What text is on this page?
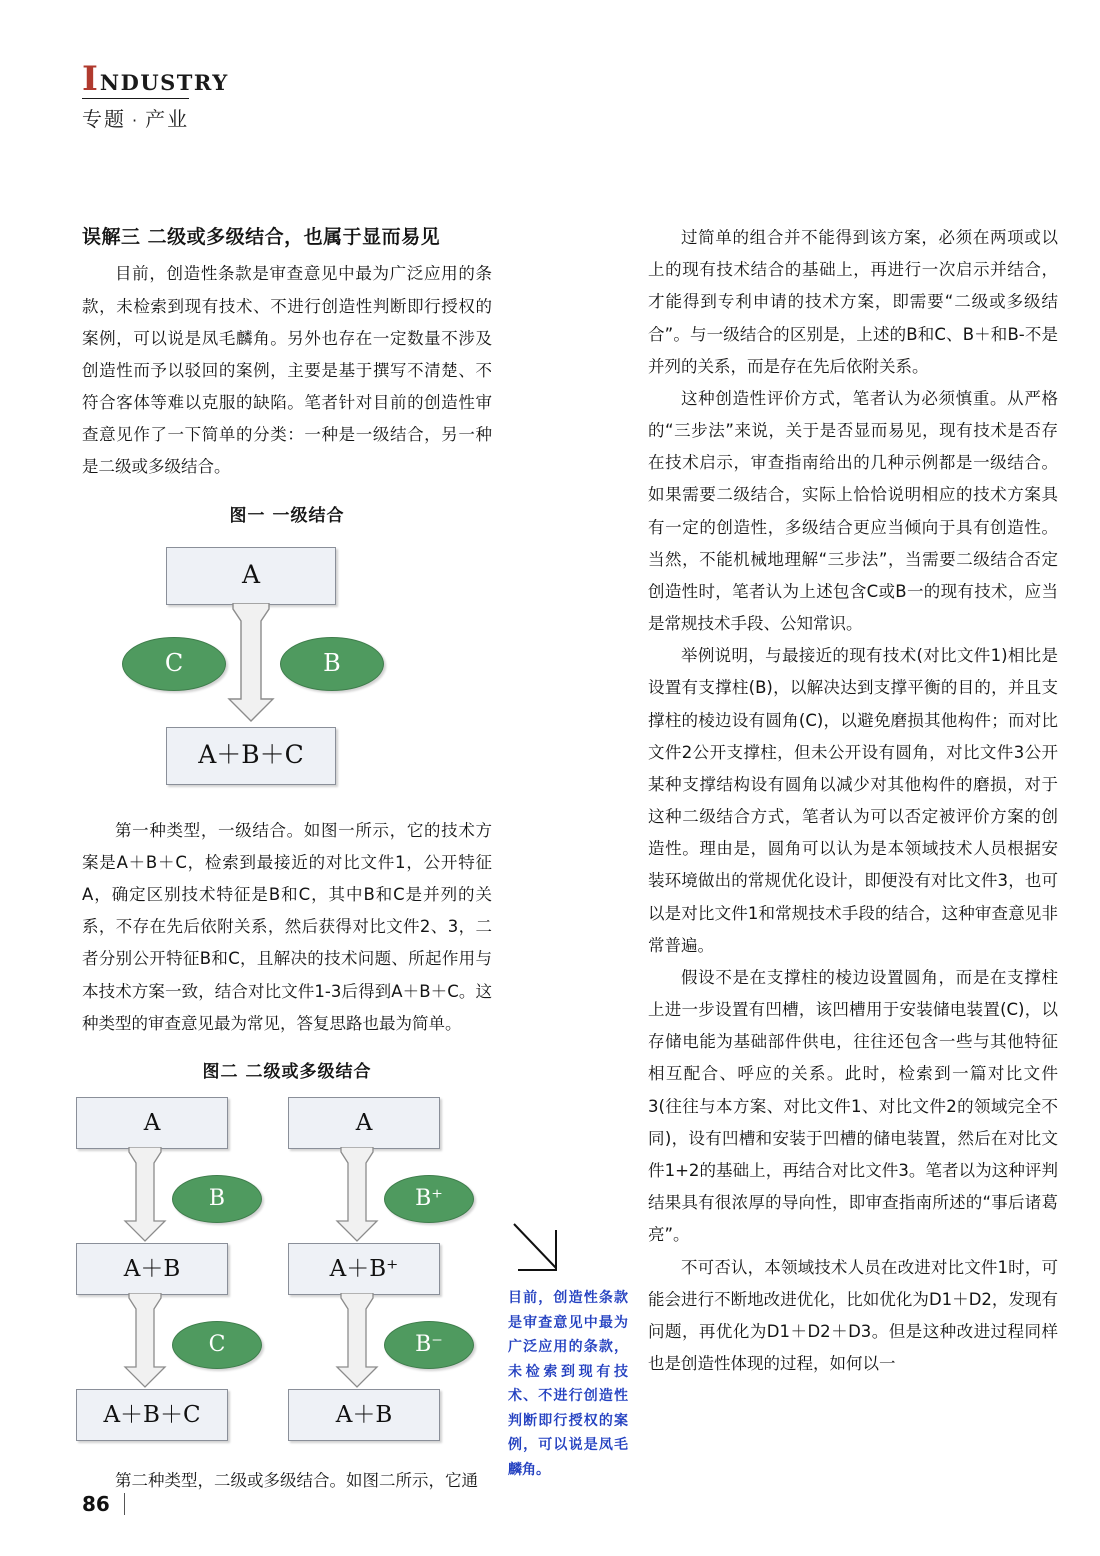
I NDUSTRY
专题 · 产业
误解三 二级或多级结合，也属于显而易见

目前，创造性条款是审查意见中最为广泛应用的条款，未检索到现有技术、不进行创造性判断即行授权的案例，可以说是凤毛麟角。另外也存在一定数量不涉及创造性而予以驳回的案例，主要是基于撰写不清楚、不符合客体等难以克服的缺陷。笔者针对目前的创造性审查意见作了一下简单的分类：一种是一级结合，另一种是二级或多级结合。

图一 一级结合
A
C	B
A＋B＋C

第一种类型，一级结合。如图一所示，它的技术方案是A＋B＋C，检索到最接近的对比文件1，公开特征A，确定区别技术特征是B和C，其中B和C是并列的关系，不存在先后依附关系，然后获得对比文件2、3，二者分别公开特征B和C，且解决的技术问题、所起作用与本技术方案一致，结合对比文件1-3后得到A＋B＋C。这种类型的审查意见最为常见，答复思路也最为简单。

图二 二级或多级结合
A
B
A＋B
C
A＋B＋C
A
B⁺
A＋B⁺
B⁻
A＋B

第二种类型，二级或多级结合。如图二所示，它通

目前，创造性条款是审查意见中最为广泛应用的条款，未检索到现有技术、不进行创造性判断即行授权的案例，可以说是凤毛麟角。

过简单的组合并不能得到该方案，必须在两项或以上的现有技术结合的基础上，再进行一次启示并结合，才能得到专利申请的技术方案，即需要“二级或多级结合”。与一级结合的区别是，上述的B和C、B＋和B-不是并列的关系，而是存在先后依附关系。

这种创造性评价方式，笔者认为必须慎重。从严格的“三步法”来说，关于是否显而易见，现有技术是否存在技术启示，审查指南给出的几种示例都是一级结合。如果需要二级结合，实际上恰恰说明相应的技术方案具有一定的创造性，多级结合更应当倾向于具有创造性。当然，不能机械地理解“三步法”，当需要二级结合否定创造性时，笔者认为上述包含C或B一的现有技术，应当是常规技术手段、公知常识。

举例说明，与最接近的现有技术(对比文件1)相比是设置有支撑柱(B)，以解决达到支撑平衡的目的，并且支撑柱的棱边设有圆角(C)，以避免磨损其他构件；而对比文件2公开支撑柱，但未公开设有圆角，对比文件3公开某种支撑结构设有圆角以减少对其他构件的磨损，对于这种二级结合方式，笔者认为可以否定被评价方案的创造性。理由是，圆角可以认为是本领域技术人员根据安装环境做出的常规优化设计，即便没有对比文件3，也可以是对比文件1和常规技术手段的结合，这种审查意见非常普遍。

假设不是在支撑柱的棱边设置圆角，而是在支撑柱上进一步设置有凹槽，该凹槽用于安装储电装置(C)，以存储电能为基础部件供电，往往还包含一些与其他特征相互配合、呼应的关系。此时，检索到一篇对比文件3(往往与本方案、对比文件1、对比文件2的领域完全不同)，设有凹槽和安装于凹槽的储电装置，然后在对比文件1+2的基础上，再结合对比文件3。笔者以为这种评判结果具有很浓厚的导向性，即审查指南所述的“事后诸葛亮”。

不可否认，本领域技术人员在改进对比文件1时，可能会进行不断地改进优化，比如优化为D1＋D2，发现有问题，再优化为D1＋D2＋D3。但是这种改进过程同样也是创造性体现的过程，如何以一

86
